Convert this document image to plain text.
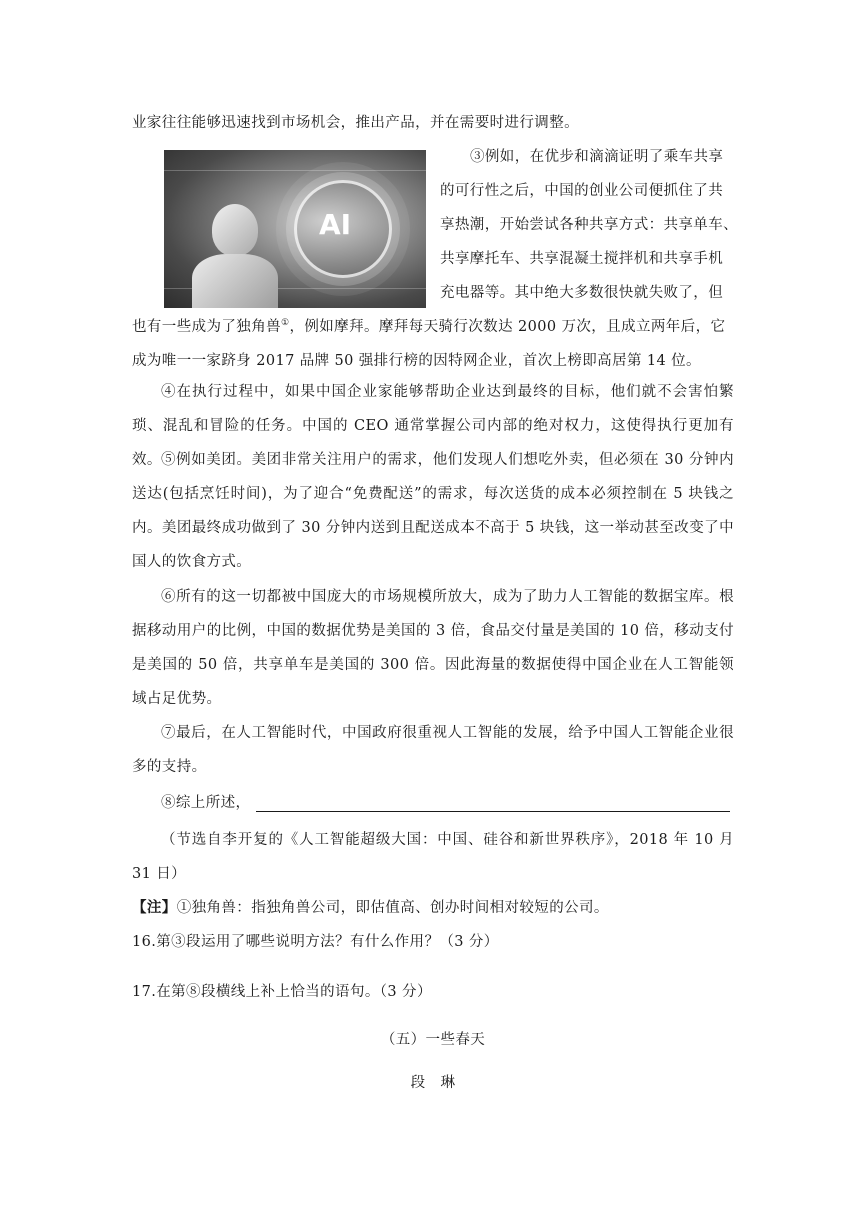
业家往往能够迅速找到市场机会，推出产品，并在需要时进行调整。
AI
③例如，在优步和滴滴证明了乘车共享
的可行性之后，中国的创业公司便抓住了共
享热潮，开始尝试各种共享方式：共享单车、
共享摩托车、共享混凝土搅拌机和共享手机
充电器等。其中绝大多数很快就失败了，但
也有一些成为了独角兽①，例如摩拜。摩拜每天骑行次数达 2000 万次，且成立两年后，它
成为唯一一家跻身 2017 品牌 50 强排行榜的因特网企业，首次上榜即高居第 14 位。
④在执行过程中，如果中国企业家能够帮助企业达到最终的目标，他们就不会害怕繁琐、混乱和冒险的任务。中国的 CEO 通常掌握公司内部的绝对权力，这使得执行更加有效。 ⑤例如美团。美团非常关注用户的需求，他们发现人们想吃外卖，但必须在 30 分钟内送达(包括烹饪时间)，为了迎合“免费配送”的需求，每次送货的成本必须控制在 5 块钱之内。美团最终成功做到了 30 分钟内送到且配送成本不高于 5 块钱，这一举动甚至改变了中国人的饮食方式。
⑥所有的这一切都被中国庞大的市场规模所放大，成为了助力人工智能的数据宝库。根据移动用户的比例，中国的数据优势是美国的 3 倍，食品交付量是美国的 10 倍，移动支付是美国的 50 倍，共享单车是美国的 300 倍。因此海量的数据使得中国企业在人工智能领域占足优势。
⑦最后，在人工智能时代，中国政府很重视人工智能的发展，给予中国人工智能企业很多的支持。
⑧综上所述，
（节选自李开复的《人工智能超级大国：中国、硅谷和新世界秩序》，2018 年 10 月 31 日）
【注】①独角兽：指独角兽公司，即估值高、创办时间相对较短的公司。
16.第③段运用了哪些说明方法？有什么作用？（3 分）
17.在第⑧段横线上补上恰当的语句。（3 分）
（五）一些春天
段　琳
